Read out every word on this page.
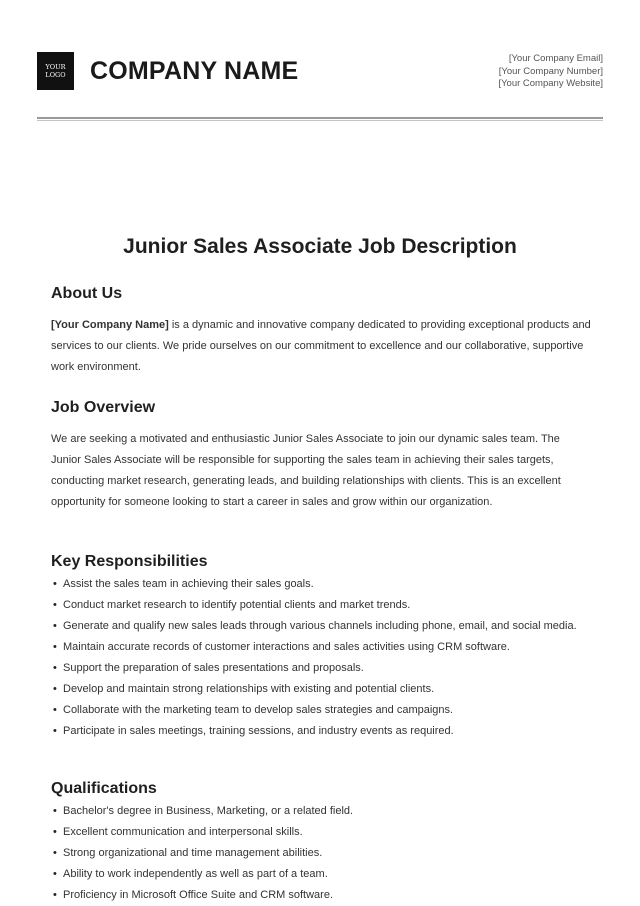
YOUR
LOGO COMPANY NAME	[Your Company Email]
[Your Company Number]
[Your Company Website]
Junior Sales Associate Job Description
About Us

[Your Company Name] is a dynamic and innovative company dedicated to providing exceptional products and services to our clients. We pride ourselves on our commitment to excellence and our collaborative, supportive work environment.

Job Overview

We are seeking a motivated and enthusiastic Junior Sales Associate to join our dynamic sales team. The Junior Sales Associate will be responsible for supporting the sales team in achieving their sales targets, conducting market research, generating leads, and building relationships with clients. This is an excellent opportunity for someone looking to start a career in sales and grow within our organization.

Key Responsibilities
• Assist the sales team in achieving their sales goals.
• Conduct market research to identify potential clients and market trends.
• Generate and qualify new sales leads through various channels including phone, email, and social media.
• Maintain accurate records of customer interactions and sales activities using CRM software.
• Support the preparation of sales presentations and proposals.
• Develop and maintain strong relationships with existing and potential clients.
• Collaborate with the marketing team to develop sales strategies and campaigns.
• Participate in sales meetings, training sessions, and industry events as required.
Qualifications
• Bachelor's degree in Business, Marketing, or a related field.
• Excellent communication and interpersonal skills.
• Strong organizational and time management abilities.
• Ability to work independently as well as part of a team.
• Proficiency in Microsoft Office Suite and CRM software.
